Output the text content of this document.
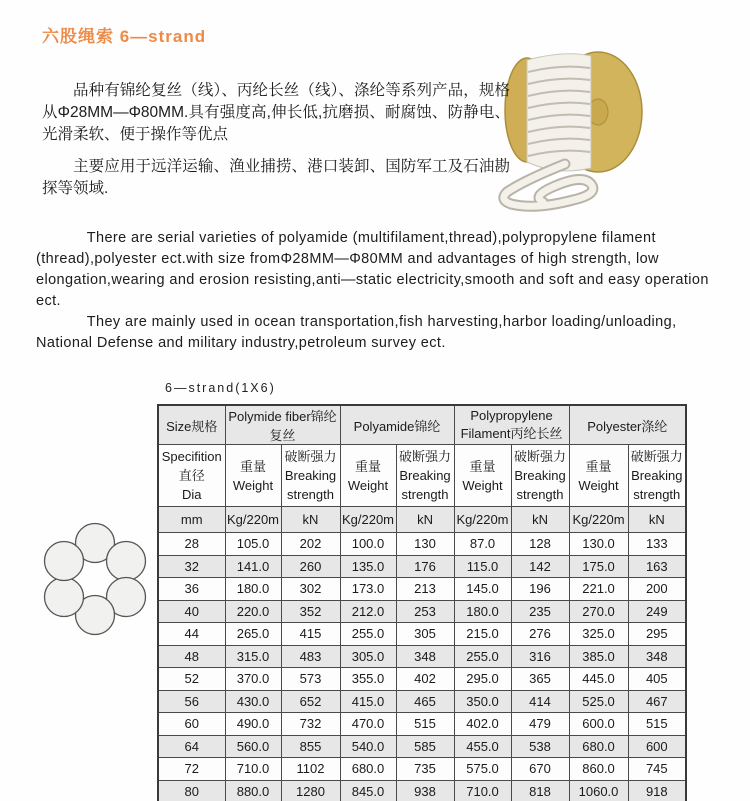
六股绳索 6—strand

品种有锦纶复丝（线）、丙纶长丝（线）、涤纶等系列产品，规格从Φ28MM—Φ80MM.具有强度高,伸长低,抗磨损、耐腐蚀、防静电、光滑柔软、便于操作等优点

主要应用于远洋运输、渔业捕捞、港口装卸、国防军工及石油勘探等领域.

There are serial varieties of polyamide (multifilament,thread),polypropylene filament (thread),polyester ect.with size fromΦ28MM—Φ80MM and advantages of high strength, low elongation,wearing and erosion resisting,anti—static electricity,smooth and soft and easy operation ect.

They are mainly used in ocean transportation,fish harvesting,harbor loading/unloading, National Defense and military industry,petroleum survey ect.

6—strand(1X6)
Size规格	Polymide fiber锦纶复丝		Polyamide锦纶		Polypropylene Filament丙纶长丝		Polyester涤纶	

Specifition
直径
Dia	重量
Weight	破断强力
Breaking
strength	重量
Weight	破断强力
Breaking
strength	重量
Weight	破断强力
Breaking
strength	重量
Weight	破断强力
Breaking
strength

mm	Kg/220m	kN	Kg/220m	kN	Kg/220m	kN	Kg/220m	kN
28	105.0	202	100.0	130	87.0	128	130.0	133
32	141.0	260	135.0	176	115.0	142	175.0	163
36	180.0	302	173.0	213	145.0	196	221.0	200
40	220.0	352	212.0	253	180.0	235	270.0	249
44	265.0	415	255.0	305	215.0	276	325.0	295
48	315.0	483	305.0	348	255.0	316	385.0	348
52	370.0	573	355.0	402	295.0	365	445.0	405
56	430.0	652	415.0	465	350.0	414	525.0	467
60	490.0	732	470.0	515	402.0	479	600.0	515
64	560.0	855	540.0	585	455.0	538	680.0	600
72	710.0	1102	680.0	735	575.0	670	860.0	745
80	880.0	1280	845.0	938	710.0	818	1060.0	918
